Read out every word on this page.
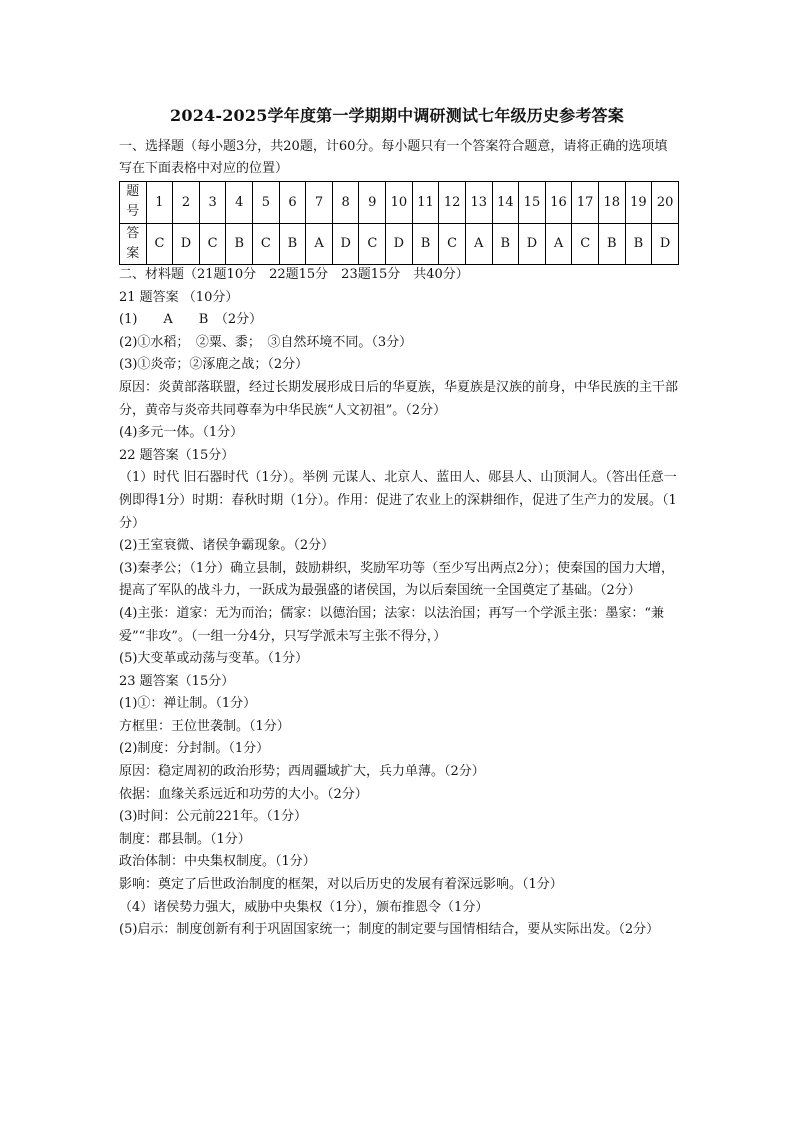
2024-2025学年度第一学期期中调研测试七年级历史参考答案
一、选择题（每小题3分，共20题，计60分。每小题只有一个答案符合题意，请将正确的选项填写在下面表格中对应的位置）
题号	1	2	3	4	5	6	7	8	9	10	11	12	13	14	15	16	17	18	19	20
答案	C	D	C	B	C	B	A	D	C	D	B	C	A	B	D	A	C	B	B	D

二、材料题（21题10分　22题15分　23题15分　共40分）

21 题答案 （10分）

(1)　　A　　B　（2分）

(2)①水稻；　②粟、黍；　③自然环境不同。（3分）

(3)①炎帝；②涿鹿之战；（2分）

原因：炎黄部落联盟，经过长期发展形成日后的华夏族，华夏族是汉族的前身，中华民族的主干部分，黄帝与炎帝共同尊奉为中华民族“人文初祖”。（2分）

(4)多元一体。（1分）

22 题答案（15分）

（1）时代 旧石器时代（1分）。举例 元谋人、北京人、蓝田人、郧县人、山顶洞人。（答出任意一例即得1分）时期：春秋时期（1分）。作用：促进了农业上的深耕细作，促进了生产力的发展。（1分）

(2)王室衰微、诸侯争霸现象。（2分）

(3)秦孝公；（1分）确立县制，鼓励耕织，奖励军功等（至少写出两点2分）；使秦国的国力大增，提高了军队的战斗力，一跃成为最强盛的诸侯国，为以后秦国统一全国奠定了基础。（2分）

(4)主张：道家：无为而治；儒家：以德治国；法家：以法治国；再写一个学派主张：墨家：“兼爱”“非攻”。（一组一分4分，只写学派未写主张不得分，）

(5)大变革或动荡与变革。（1分）

23 题答案（15分）

(1)①：禅让制。（1分）

方框里：王位世袭制。（1分）

(2)制度：分封制。（1分）

原因：稳定周初的政治形势；西周疆域扩大，兵力单薄。（2分）

依据：血缘关系远近和功劳的大小。（2分）

(3)时间：公元前221年。（1分）

制度：郡县制。（1分）

政治体制：中央集权制度。（1分）

影响：奠定了后世政治制度的框架，对以后历史的发展有着深远影响。（1分）

（4）诸侯势力强大，威胁中央集权（1分），颁布推恩令（1分）

(5)启示：制度创新有利于巩固国家统一；制度的制定要与国情相结合，要从实际出发。（2分）
